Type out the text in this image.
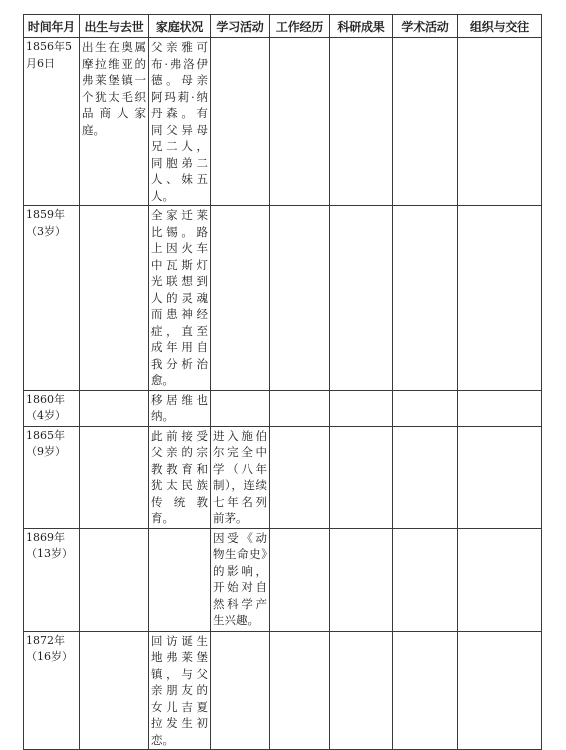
时间年月	出生与去世	家庭状况	学习活动	工作经历	科研成果	学术活动	组织与交往
1856年5月6日	出生在奥属摩拉维亚的弗莱堡镇一个犹太毛织品商人家庭。	父亲雅可布·弗洛伊德。母亲阿玛莉·纳丹森。有同父异母兄二人，同胞弟二人、妹五人。					
1859年（3岁）		全家迁莱比锡。路上因火车中瓦斯灯光联想到人的灵魂而患神经症，直至成年用自我分析治愈。					
1860年（4岁）		移居维也纳。					
1865年（9岁）		此前接受父亲的宗教教育和犹太民族传统教育。	进入施伯尔完全中学（八年制），连续七年名列前茅。				
1869年（13岁）			因受《动物生命史》的影响，开始对自然科学产生兴趣。				
1872年（16岁）		回访诞生地弗莱堡镇，与父亲朋友的女儿吉夏拉发生初恋。					
